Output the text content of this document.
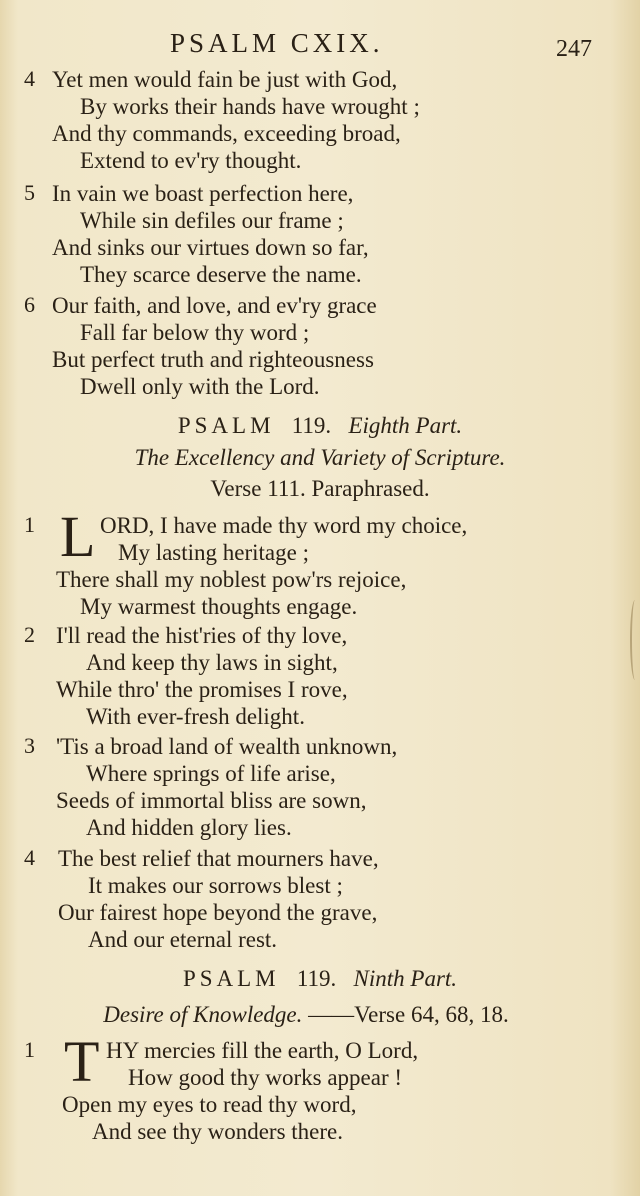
PSALM CXIX.	247
4 Yet men would fain be just with God,
By works their hands have wrought ;
And thy commands, exceeding broad,
Extend to ev'ry thought.
5 In vain we boast perfection here,
While sin defiles our frame ;
And sinks our virtues down so far,
They scarce deserve the name.
6 Our faith, and love, and ev'ry grace
Fall far below thy word ;
But perfect truth and righteousness
Dwell only with the Lord.
PSALM 119. Eighth Part.
The Excellency and Variety of Scripture.
Verse 111. Paraphrased.
1 L ORD, I have made thy word my choice,
My lasting heritage ;
There shall my noblest pow'rs rejoice,
My warmest thoughts engage.
2 I'll read the hist'ries of thy love,
And keep thy laws in sight,
While thro' the promises I rove,
With ever-fresh delight.
3 'Tis a broad land of wealth unknown,
Where springs of life arise,
Seeds of immortal bliss are sown,
And hidden glory lies.
4	The best relief that mourners have,
It makes our sorrows blest ;
Our fairest hope beyond the grave,
And our eternal rest.
PSALM 119. Ninth Part.
Desire of Knowledge. ——Verse 64, 68, 18.
1 T HY mercies fill the earth, O Lord,
How good thy works appear !
Open my eyes to read thy word,
And see thy wonders there.
